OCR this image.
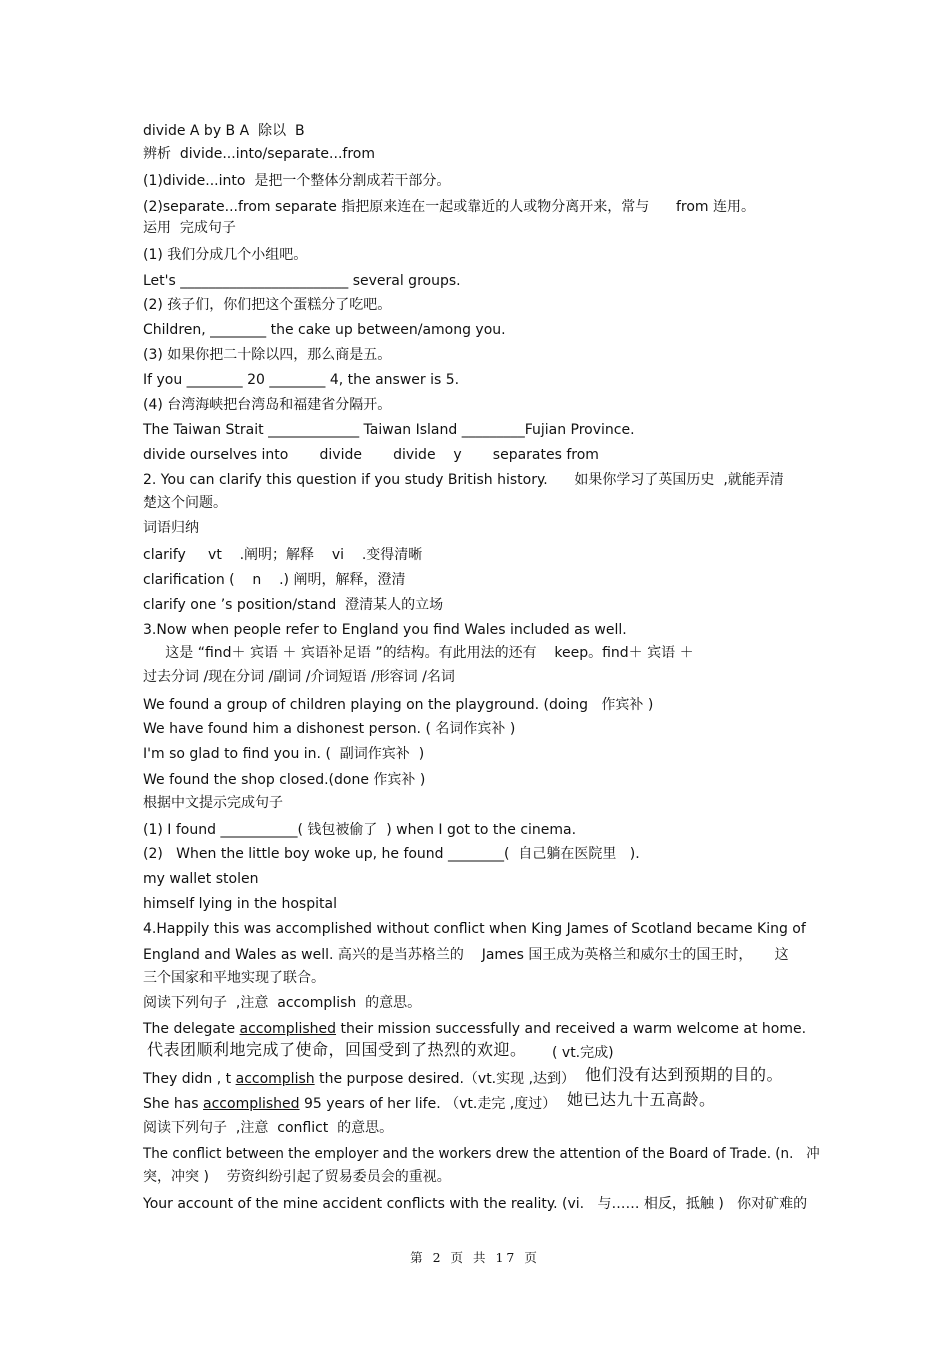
divide A by B A  除以  B
辨析  divide...into/separate...from
(1)divide...into  是把一个整体分割成若干部分。
(2)separate...from separate 指把原来连在一起或靠近的人或物分离开来，常与      from 连用。
运用  完成句子
(1) 我们分成几个小组吧。
Let's ________________________ several groups.
(2) 孩子们，你们把这个蛋糕分了吃吧。
Children, ________ the cake up between/among you.
(3) 如果你把二十除以四，那么商是五。
If you ________ 20 ________ 4, the answer is 5.
(4) 台湾海峡把台湾岛和福建省分隔开。
The Taiwan Strait _____________ Taiwan Island _________Fujian Province.
divide ourselves into       divide       divide    y       separates from
2. You can clarify this question if you study British history.      如果你学习了英国历史  ,就能弄清
楚这个问题。
词语归纳
clarify     vt    .阐明；解释    vi    .变得清晰
clarification (    n    .) 阐明，解释，澄清
clarify one ’s position/stand  澄清某人的立场
3.Now when people refer to England you find Wales included as well.
这是 “find＋ 宾语 ＋ 宾语补足语 ”的结构。有此用法的还有    keep。find＋ 宾语 ＋
过去分词 /现在分词 /副词 /介词短语 /形容词 /名词
We found a group of children playing on the playground. (doing   作宾补 )
We have found him a dishonest person. ( 名词作宾补 )
I'm so glad to find you in. (  副词作宾补  )
We found the shop closed.(done 作宾补 )
根据中文提示完成句子
(1) I found ___________( 钱包被偷了  ) when I got to the cinema.
(2)   When the little boy woke up, he found ________(  自己躺在医院里   ).
my wallet stolen
himself lying in the hospital
4.Happily this was accomplished without conflict when King James of Scotland became King of
England and Wales as well. 高兴的是当苏格兰的    James 国王成为英格兰和威尔士的国王时，     这
三个国家和平地实现了联合。
阅读下列句子  ,注意  accomplish  的意思。
The delegate accomplished their mission successfully and received a warm welcome at home.
代表团顺利地完成了使命，回国受到了热烈的欢迎。 ( vt.完成)
They didn , t accomplish the purpose desired.（vt.实现 ,达到） 他们没有达到预期的目的。
She has accomplished 95 years of her life. （vt.走完 ,度过） 她已达九十五高龄。
阅读下列句子  ,注意  conflict  的意思。
The conflict between the employer and the workers drew the attention of the Board of Trade. (n.   冲
突，冲突 )    劳资纠纷引起了贸易委员会的重视。
Your account of the mine accident conflicts with the reality. (vi.   与…… 相反，抵触 )   你对矿难的
第 2 页 共 17 页
